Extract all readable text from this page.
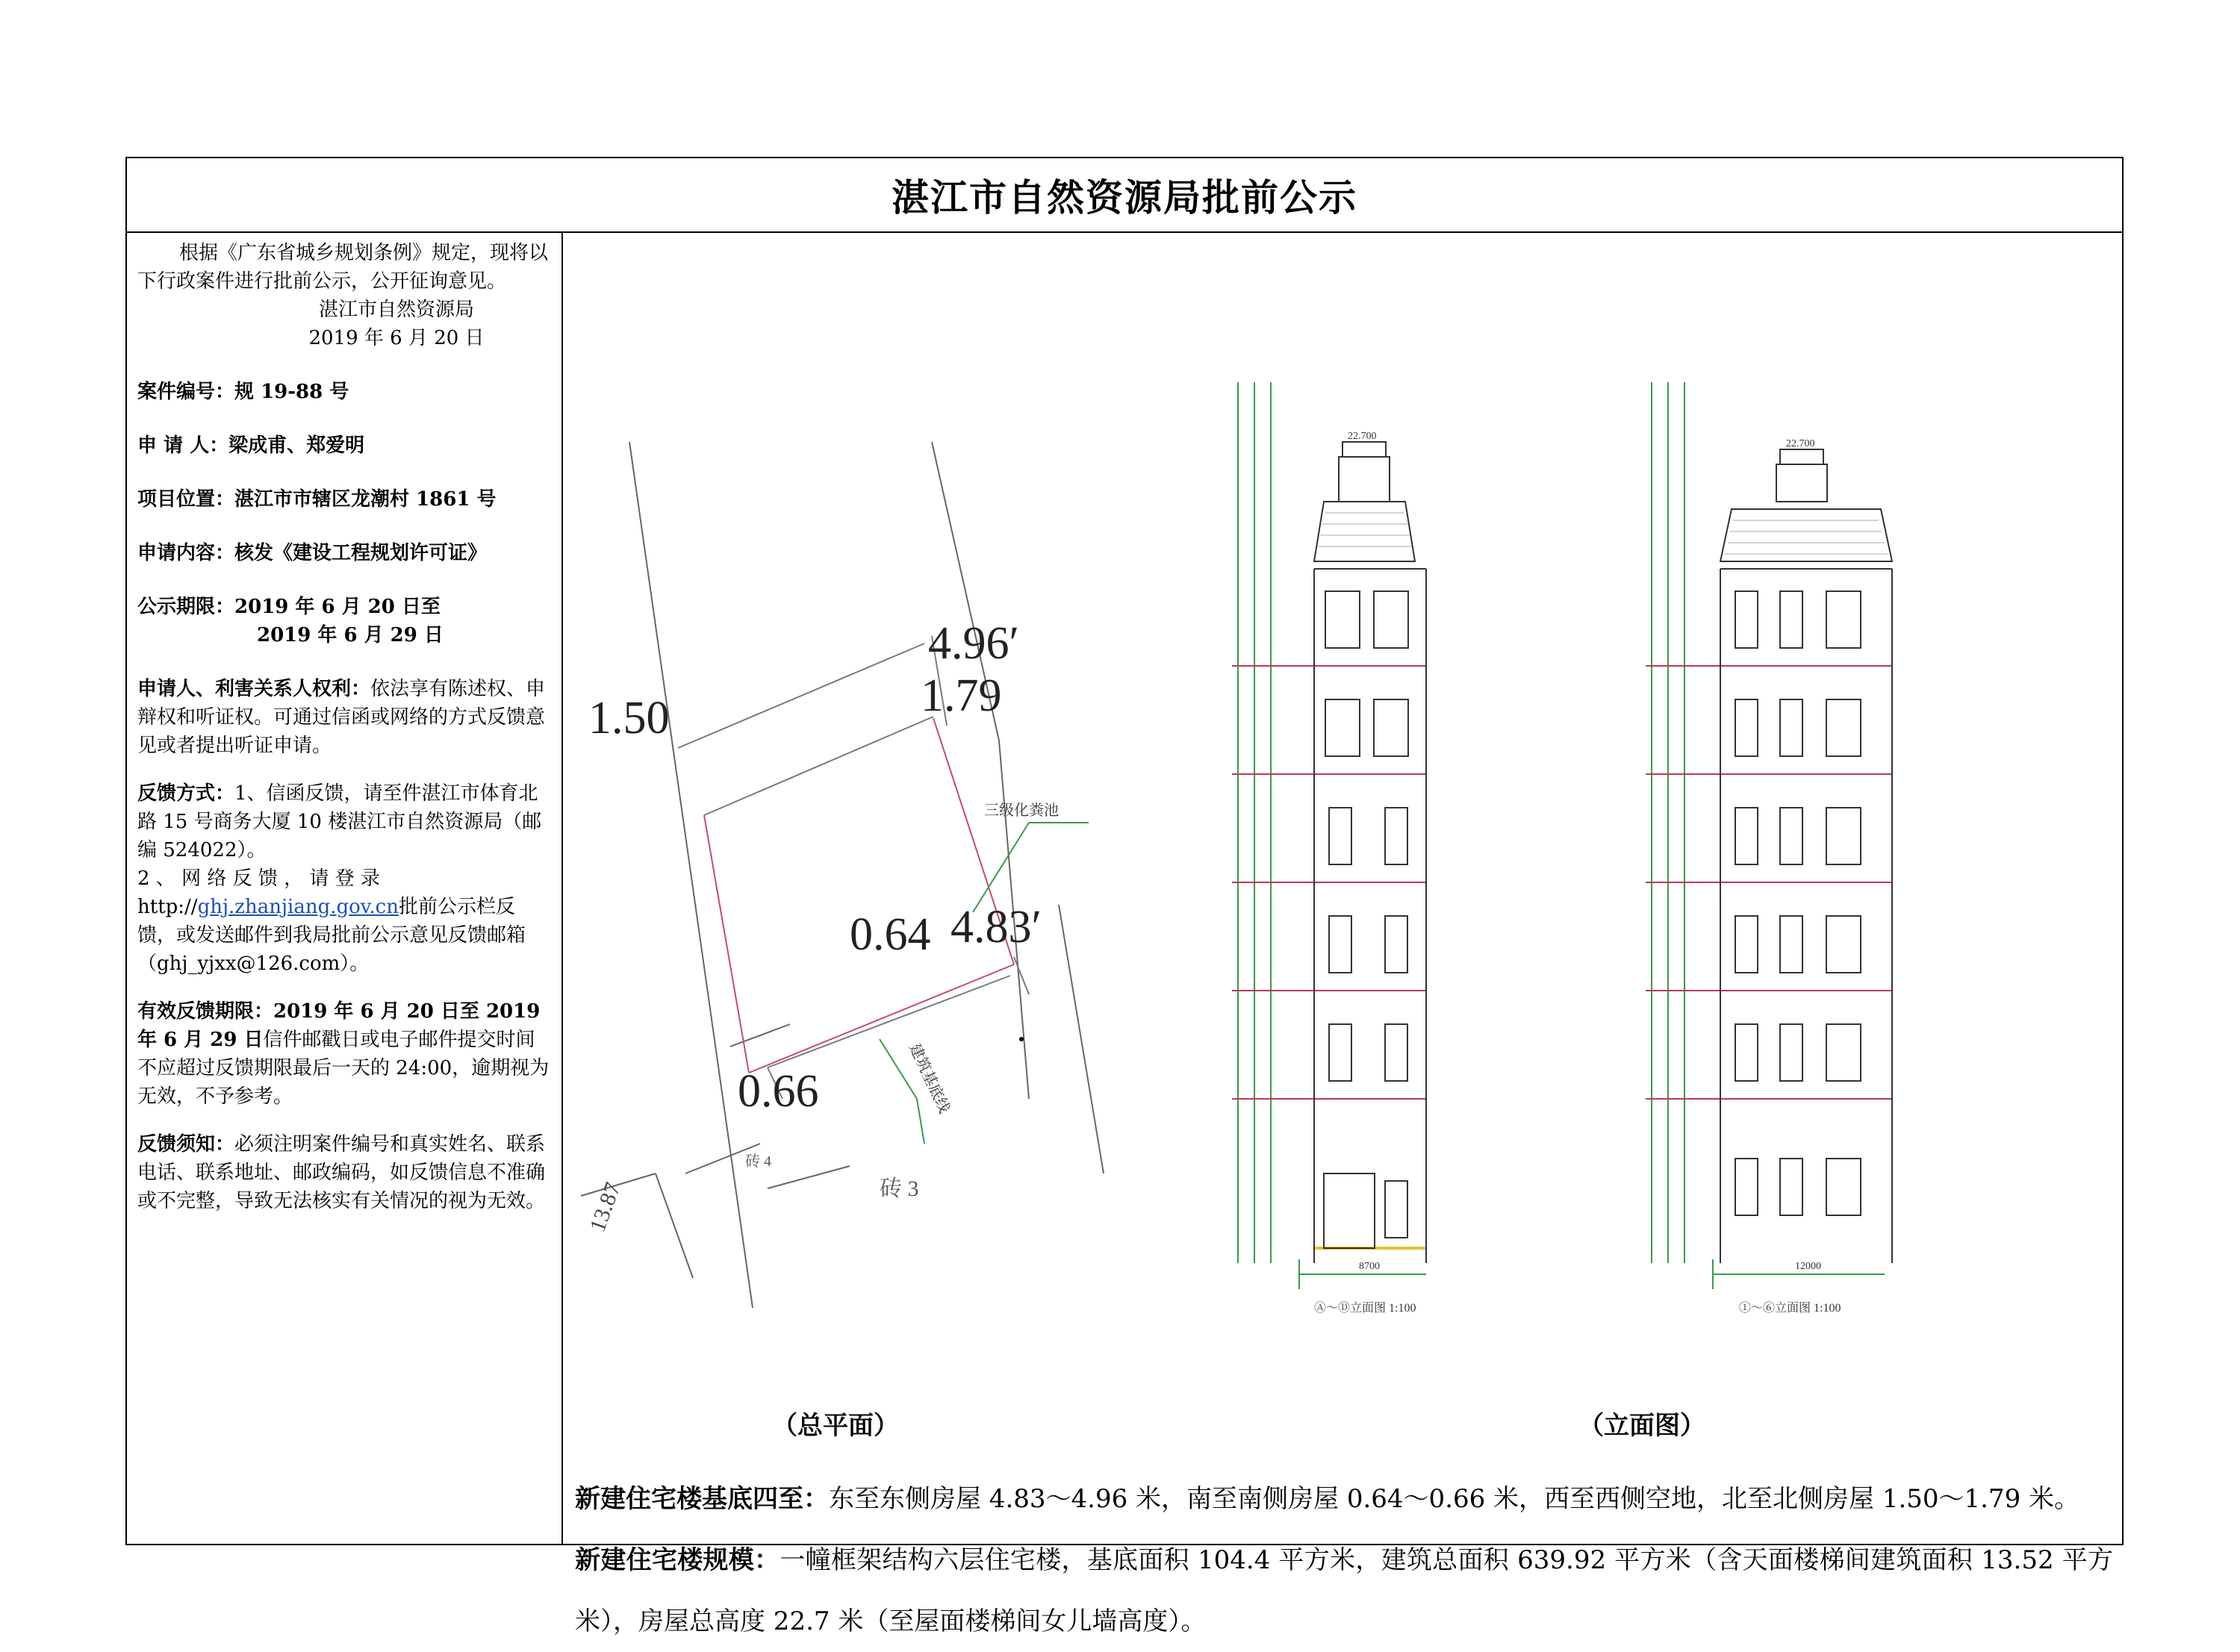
湛江市自然资源局批前公示

根据《广东省城乡规划条例》规定，现将以下行政案件进行批前公示，公开征询意见。

湛江市自然资源局

2019 年 6 月 20 日

案件编号：规 19-88 号

申 请 人：梁成甫、郑爱明

项目位置：湛江市市辖区龙潮村 1861 号

申请内容：核发《建设工程规划许可证》

公示期限：2019 年 6 月 20 日至

2019 年 6 月 29 日

申请人、利害关系人权利：依法享有陈述权、申辩权和听证权。可通过信函或网络的方式反馈意见或者提出听证申请。

反馈方式：1、信函反馈，请至件湛江市体育北路 15 号商务大厦 10 楼湛江市自然资源局（邮编 524022）。

2 、 网 络 反 馈 ， 请 登 录 http://ghj.zhanjiang.gov.cn批前公示栏反馈，或发送邮件到我局批前公示意见反馈邮箱（ghj_yjxx@126.com）。

有效反馈期限：2019 年 6 月 20 日至 2019 年 6 月 29 日信件邮戳日或电子邮件提交时间不应超过反馈期限最后一天的 24:00，逾期视为无效，不予参考。

反馈须知：必须注明案件编号和真实姓名、联系电话、联系地址、邮政编码，如反馈信息不准确或不完整，导致无法核实有关情况的视为无效。

1.50
4.96′
1.79
0.64 4.83′
0.66
13.87
三级化粪池
建筑基底线
砖 3
砖 4
22.700
8700
Ⓐ～Ⓓ立面图 1:100
22.700
12000
①～⑥立面图 1:100
（总平面）	（立面图）

新建住宅楼基底四至：东至东侧房屋 4.83～4.96 米，南至南侧房屋 0.64～0.66 米，西至西侧空地，北至北侧房屋 1.50～1.79 米。

新建住宅楼规模：一幢框架结构六层住宅楼，基底面积 104.4 平方米，建筑总面积 639.92 平方米（含天面楼梯间建筑面积 13.52 平方米），房屋总高度 22.7 米（至屋面楼梯间女儿墙高度）。
